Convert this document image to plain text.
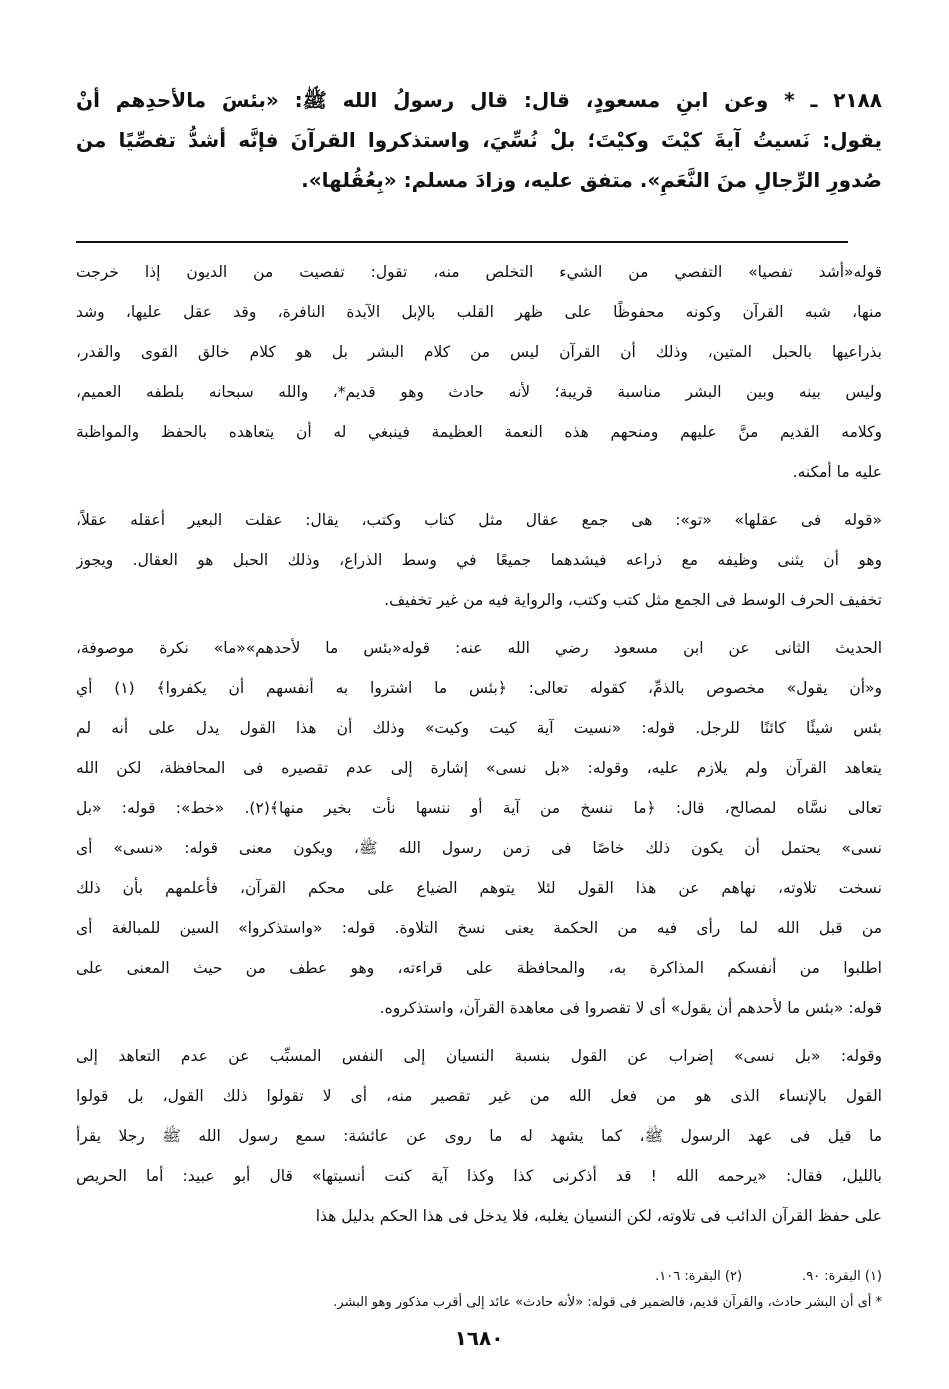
٢١٨٨ ـ * وعن ابنِ مسعودٍ، قال: قال رسولُ الله ﷺ: «بئسَ مالأحدِهم أنْ
يقول: نَسيتُ آيةَ كيْتَ وكيْتَ؛ بلْ نُسِّيَ، واستذكروا القرآنَ فإنَّه أشدُّ تفصِّيًا من
صُدورِ الرِّجالِ منَ النَّعَمِ». متفق عليه، وزادَ مسلم: «بِعُقُلها».
قوله«أشد تفصيا» التفصي من الشيء التخلص منه، تقول: تفصيت من الديون إذا خرجت
منها، شبه القرآن وكونه محفوظًا على ظهر القلب بالإبل الآبدة النافرة، وقد عقل عليها، وشد
بذراعيها بالحبل المتين، وذلك أن القرآن ليس من كلام البشر بل هو كلام خالق القوى والقدر،
وليس بينه وبين البشر مناسبة قريبة؛ لأنه حادث وهو قديم*، والله سبحانه بلطفه العميم،
وكلامه القديم منَّ عليهم ومنحهم هذه النعمة العظيمة فينبغي له أن يتعاهده بالحفظ والمواظبة
عليه ما أمكنه.
«قوله فى عقلها» «تو»: هى جمع عقال مثل كتاب وكتب، يقال: عقلت البعير أعقله عقلاً،
وهو أن يثنى وظيفه مع ذراعه فيشدهما جميعًا في وسط الذراع، وذلك الحبل هو العقال. ويجوز
تخفيف الحرف الوسط فى الجمع مثل كتب وكتب، والرواية فيه من غير تخفيف.
الحديث الثانى عن ابن مسعود رضي الله عنه: قوله«بئس ما لأحدهم»«ما» نكرة موصوفة،
و«أن يقول» مخصوص بالذمِّ، كقوله تعالى: ﴿بئس ما اشتروا به أنفسهم أن يكفروا﴾ (١) أي
بئس شيئًا كائنًا للرجل. قوله: «نسيت آية كيت وكيت» وذلك أن هذا القول يدل على أنه لم
يتعاهد القرآن ولم يلازم عليه، وقوله: «بل نسى» إشارة إلى عدم تقصيره فى المحافظة، لكن الله
تعالى نسَّاه لمصالح، قال: ﴿ما ننسخ من آية أو ننسها نأت بخير منها﴾(٢). «خط»: قوله: «بل
نسى» يحتمل أن يكون ذلك خاصًا فى زمن رسول الله ﷺ، ويكون معنى قوله: «نسى» أى
نسخت تلاوته، نهاهم عن هذا القول لئلا يتوهم الضياع على محكم القرآن، فأعلمهم بأن ذلك
من قبل الله لما رأى فيه من الحكمة يعنى نسخ التلاوة. قوله: «واستذكروا» السين للمبالغة أى
اطلبوا من أنفسكم المذاكرة به، والمحافظة على قراءته، وهو عطف من حيث المعنى على
قوله: «بئس ما لأحدهم أن يقول» أى لا تقصروا فى معاهدة القرآن، واستذكروه.
وقوله: «بل نسى» إضراب عن القول بنسبة النسيان إلى النفس المسبِّب عن عدم التعاهد إلى
القول بالإنساء الذى هو من فعل الله من غير تقصير منه، أى لا تقولوا ذلك القول، بل قولوا
ما قيل فى عهد الرسول ﷺ، كما يشهد له ما روى عن عائشة: سمع رسول الله ﷺ رجلا يقرأ
بالليل، فقال: «يرحمه الله ! قد أذكرنى كذا وكذا آية كنت أنسيتها» قال أبو عبيد: أما الحريص
على حفظ القرآن الدائب فى تلاوته، لكن النسيان يغلبه، فلا يدخل فى هذا الحكم بدليل هذا
(١) البقرة: ٩٠.
(٢) البقرة: ١٠٦.
* أى أن البشر حادث، والقرآن قديم، فالضمير فى قوله: «لأنه حادث» عائد إلى أقرب مذكور وهو البشر.
١٦٨٠
